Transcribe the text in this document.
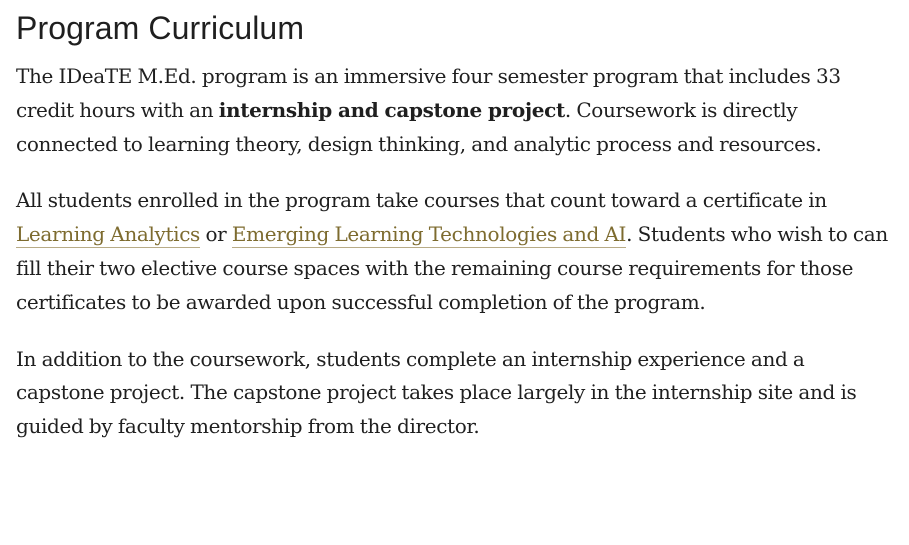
Program Curriculum

The IDeaTE M.Ed. program is an immersive four semester program that includes 33 credit hours with an internship and capstone project. Coursework is directly connected to learning theory, design thinking, and analytic process and resources.

All students enrolled in the program take courses that count toward a certificate in Learning Analytics or Emerging Learning Technologies and AI. Students who wish to can fill their two elective course spaces with the remaining course requirements for those certificates to be awarded upon successful completion of the program.

In addition to the coursework, students complete an internship experience and a capstone project. The capstone project takes place largely in the internship site and is guided by faculty mentorship from the director.
